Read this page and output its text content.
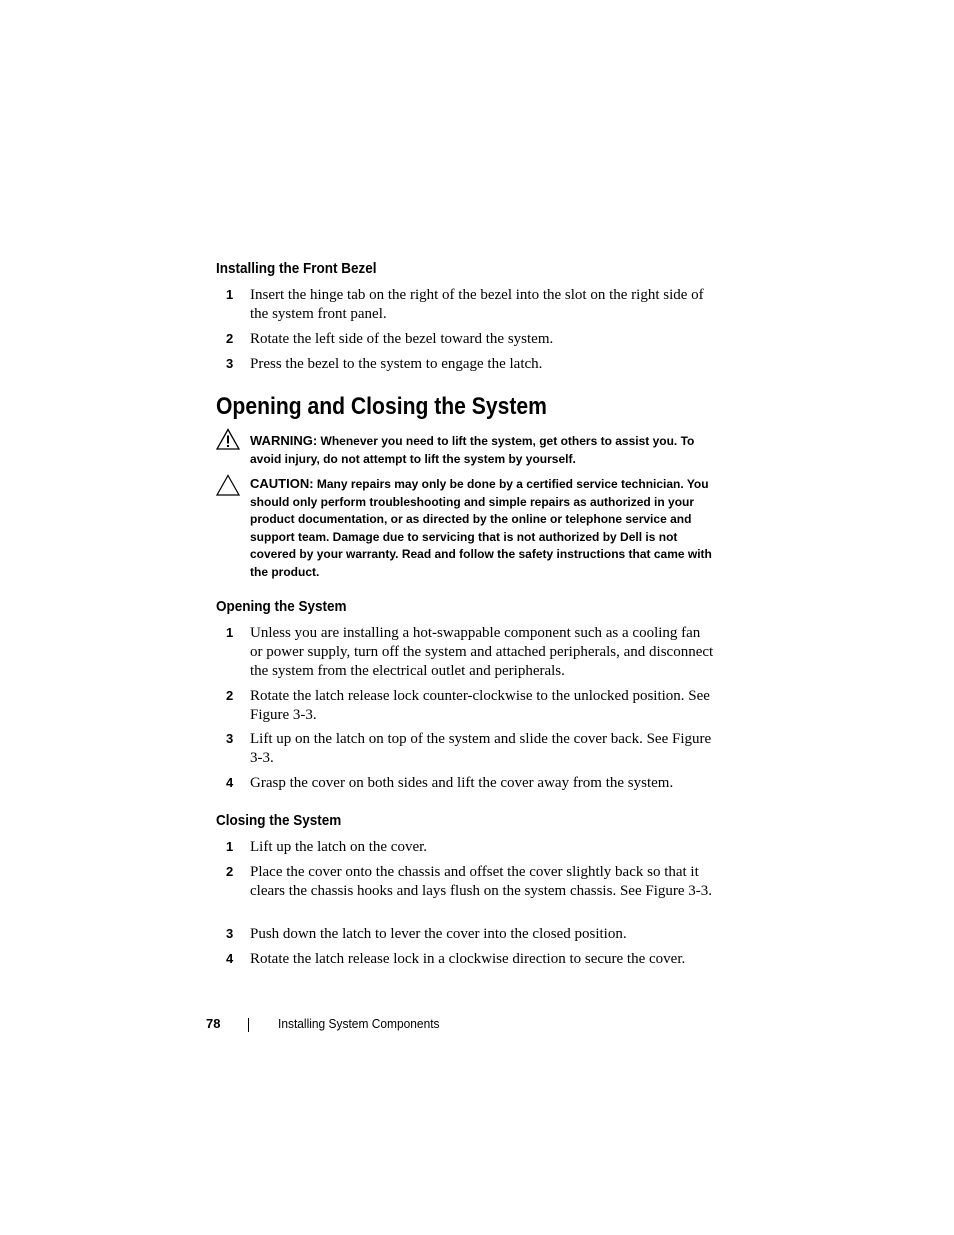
Installing the Front Bezel
1 Insert the hinge tab on the right of the bezel into the slot on the right side of the system front panel.
2 Rotate the left side of the bezel toward the system.
3 Press the bezel to the system to engage the latch.
Opening and Closing the System
WARNING: Whenever you need to lift the system, get others to assist you. To avoid injury, do not attempt to lift the system by yourself.
CAUTION: Many repairs may only be done by a certified service technician. You should only perform troubleshooting and simple repairs as authorized in your product documentation, or as directed by the online or telephone service and support team. Damage due to servicing that is not authorized by Dell is not covered by your warranty. Read and follow the safety instructions that came with the product.
Opening the System
1 Unless you are installing a hot-swappable component such as a cooling fan or power supply, turn off the system and attached peripherals, and disconnect the system from the electrical outlet and peripherals.
2 Rotate the latch release lock counter-clockwise to the unlocked position. See Figure 3-3.
3 Lift up on the latch on top of the system and slide the cover back. See Figure 3-3.
4 Grasp the cover on both sides and lift the cover away from the system.
Closing the System
1 Lift up the latch on the cover.
2 Place the cover onto the chassis and offset the cover slightly back so that it clears the chassis hooks and lays flush on the system chassis. See Figure 3-3.
3 Push down the latch to lever the cover into the closed position.
4 Rotate the latch release lock in a clockwise direction to secure the cover.
78	Installing System Components
